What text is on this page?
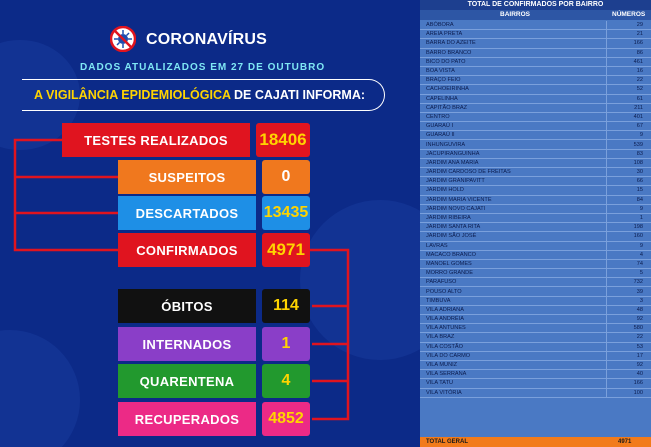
CORONAVÍRUS
DADOS ATUALIZADOS EM 27 DE OUTUBRO
A VIGILÂNCIA EPIDEMIOLÓGICA DE CAJATI INFORMA:
TESTES REALIZADOS	18406
SUSPEITOS	0
DESCARTADOS	13435
CONFIRMADOS	4971
ÓBITOS	114
INTERNADOS	1
QUARENTENA	4
RECUPERADOS	4852
TOTAL DE CONFIRMADOS POR BAIRRO
BAIRROS	NÚMEROS
ABÓBORA	29
AREIA PRETA	21
BARRA DO AZEITE	166
BARRO BRANCO	86
BICO DO PATO	461
BOA VISTA	16
BRAÇO FEIO	22
CACHOEIRINHA	52
CAPELINHA	61
CAPITÃO BRAZ	211
CENTRO	401
GUARAÚ I	67
GUARAÚ II	9
INHUNGUVIRA	539
JACUPIRANGUINHA	83
JARDIM ANA MARIA	108
JARDIM CARDOSO DE FREITAS	30
JARDIM GRANIPAVITT	66
JARDIM HOLD	15
JARDIM MARIA VICENTE	84
JARDIM NOVO CAJATI	9
JARDIM RIBEIRA	1
JARDIM SANTA RITA	198
JARDIM SÃO JOSÉ	160
LAVRAS	9
MACACO BRANCO	4
MANOEL GOMES	74
MORRO GRANDE	5
PARAFUSO	732
POUSO ALTO	39
TIMBUVA	3
VILA ADRIANA	48
VILA ANDRÉIA	92
VILA ANTUNES	580
VILA BRAZ	22
VILA COSTÃO	53
VILA DO CARMO	17
VILA MUNIZ	92
VILA SERRANA	40
VILA TATU	166
VILA VITÓRIA	100
TOTAL GERAL	4971
